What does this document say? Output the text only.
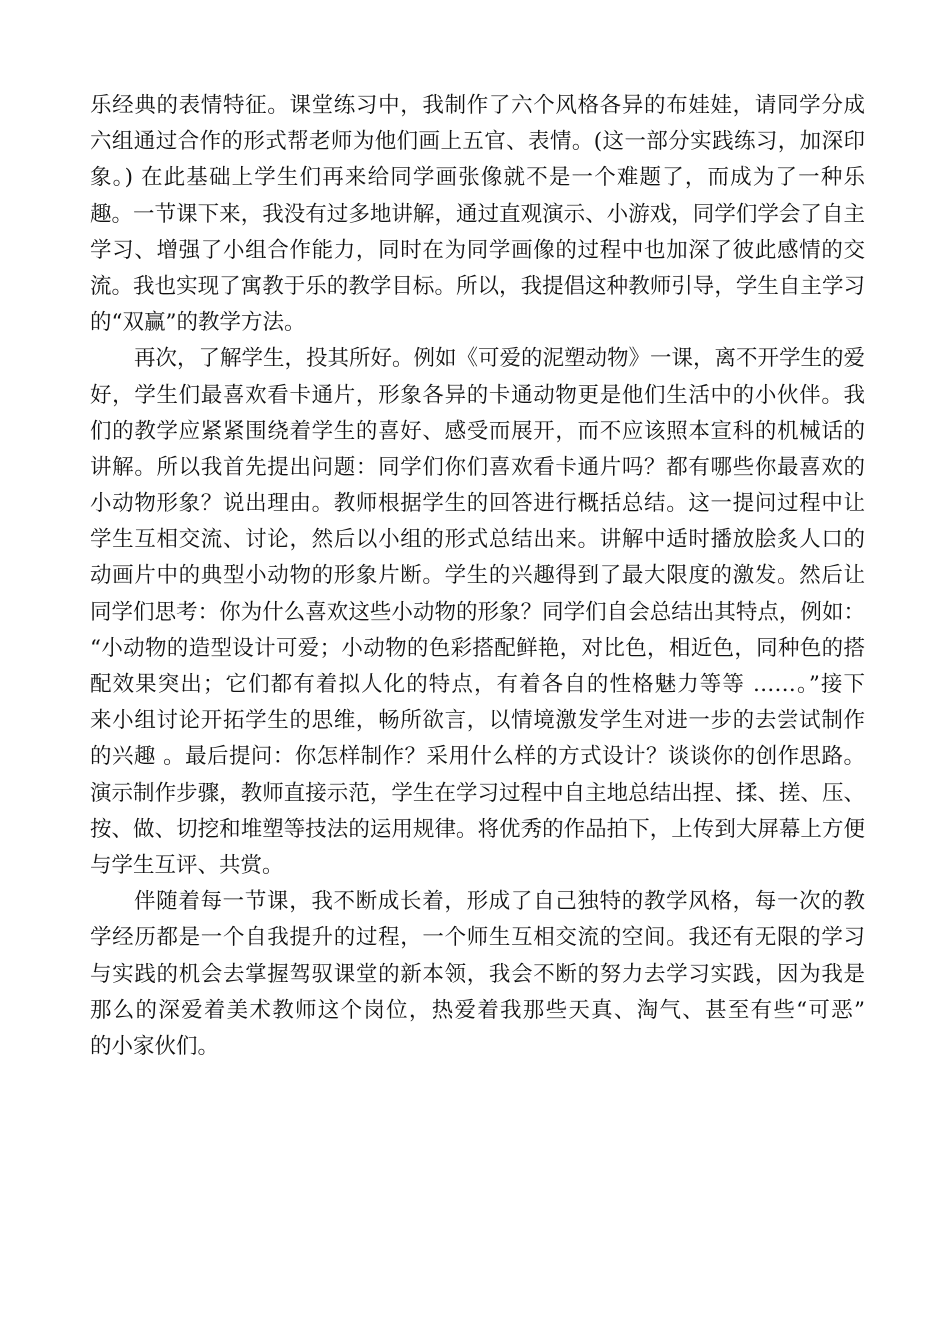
乐经典的表情特征。课堂练习中，我制作了六个风格各异的布娃娃，请同学分成
六组通过合作的形式帮老师为他们画上五官、表情。(这一部分实践练习，加深印
象。) 在此基础上学生们再来给同学画张像就不是一个难题了，而成为了一种乐
趣。一节课下来，我没有过多地讲解，通过直观演示、小游戏，同学们学会了自主
学习、增强了小组合作能力，同时在为同学画像的过程中也加深了彼此感情的交
流。我也实现了寓教于乐的教学目标。所以，我提倡这种教师引导，学生自主学习
的“双赢”的教学方法。
再次，了解学生，投其所好。例如《可爱的泥塑动物》一课，离不开学生的爱
好，学生们最喜欢看卡通片，形象各异的卡通动物更是他们生活中的小伙伴。我
们的教学应紧紧围绕着学生的喜好、感受而展开，而不应该照本宣科的机械话的
讲解。所以我首先提出问题：同学们你们喜欢看卡通片吗？都有哪些你最喜欢的
小动物形象？说出理由。教师根据学生的回答进行概括总结。这一提问过程中让
学生互相交流、讨论，然后以小组的形式总结出来。讲解中适时播放脍炙人口的
动画片中的典型小动物的形象片断。学生的兴趣得到了最大限度的激发。然后让
同学们思考：你为什么喜欢这些小动物的形象？同学们自会总结出其特点，例如：
“小动物的造型设计可爱；小动物的色彩搭配鲜艳，对比色，相近色，同种色的搭
配效果突出；它们都有着拟人化的特点，有着各自的性格魅力等等 ……。”接下
来小组讨论开拓学生的思维，畅所欲言，以情境激发学生对进一步的去尝试制作
的兴趣 。最后提问：你怎样制作？采用什么样的方式设计？谈谈你的创作思路。
演示制作步骤，教师直接示范，学生在学习过程中自主地总结出捏、揉、搓、压、
按、做、切挖和堆塑等技法的运用规律。将优秀的作品拍下，上传到大屏幕上方便
与学生互评、共赏。
伴随着每一节课，我不断成长着，形成了自己独特的教学风格，每一次的教
学经历都是一个自我提升的过程，一个师生互相交流的空间。我还有无限的学习
与实践的机会去掌握驾驭课堂的新本领，我会不断的努力去学习实践，因为我是
那么的深爱着美术教师这个岗位，热爱着我那些天真、淘气、甚至有些“可恶”
的小家伙们。
